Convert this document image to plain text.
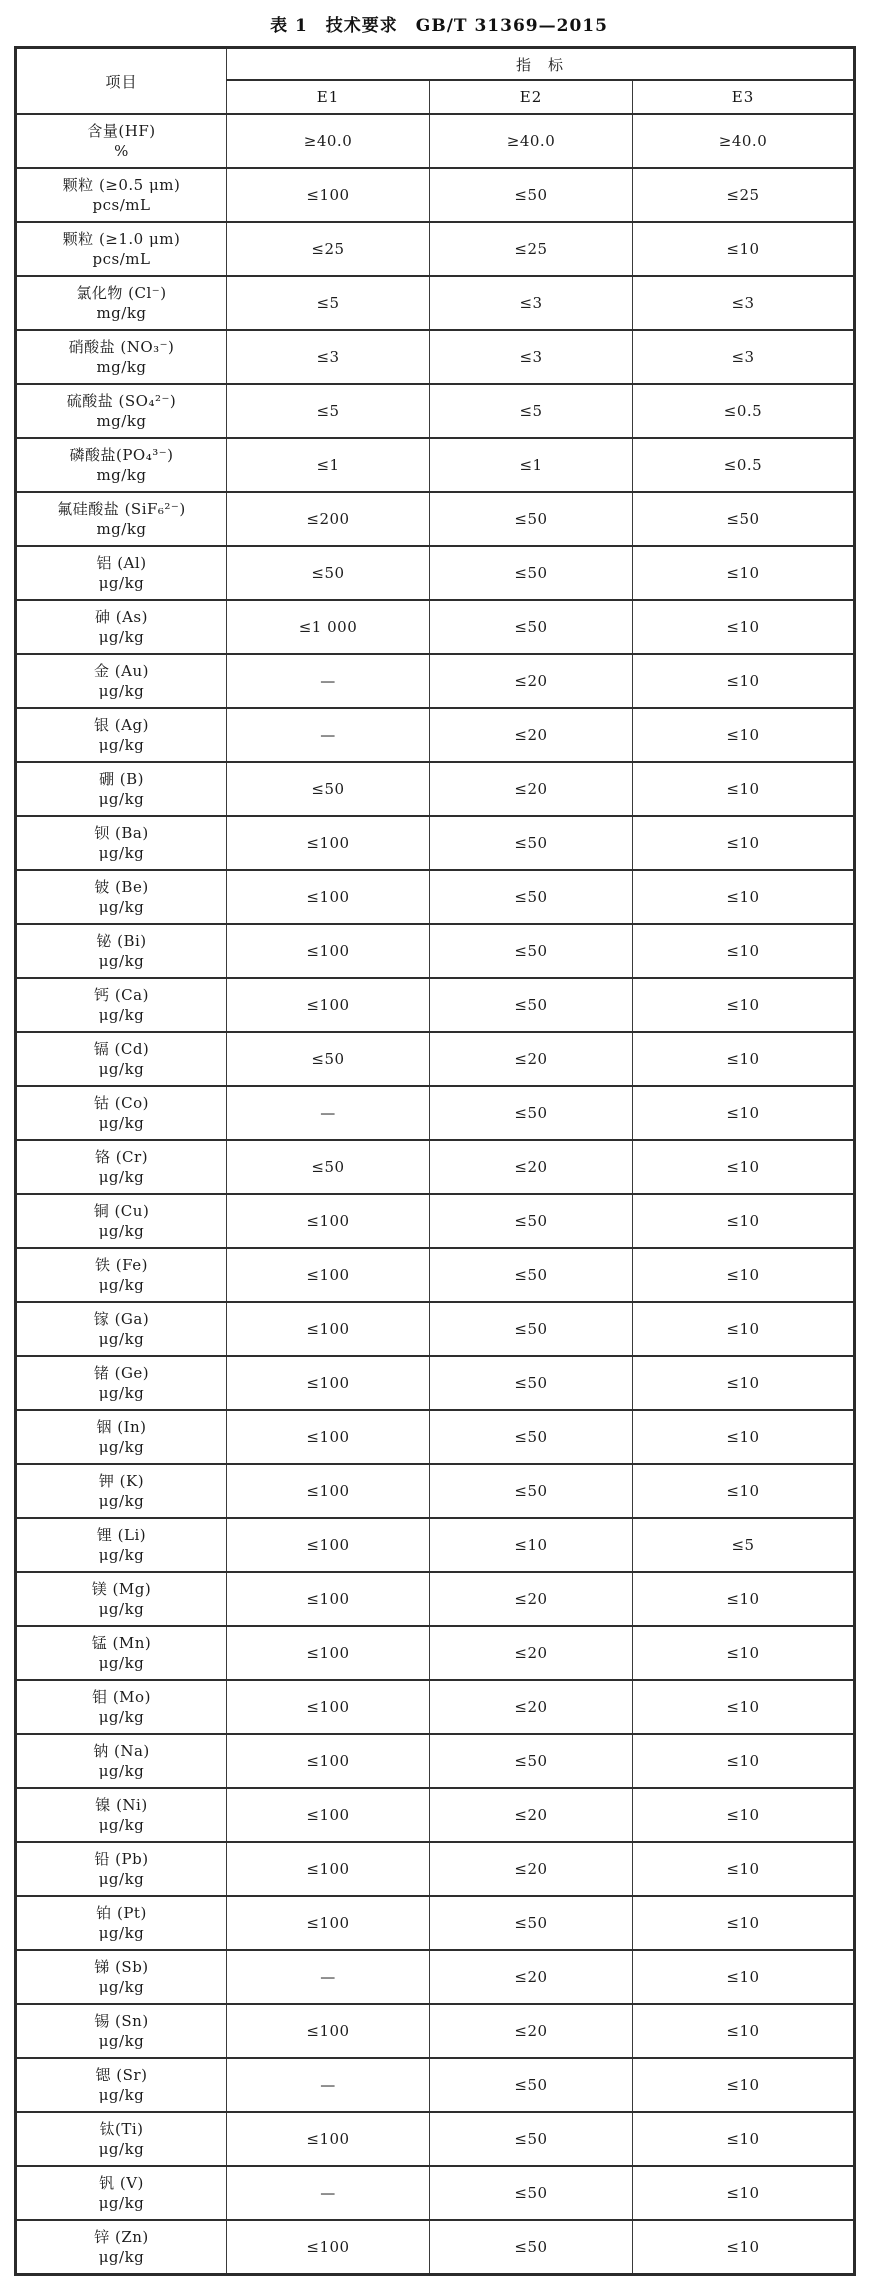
表 1　技术要求　GB/T 31369—2015
项目	指　标		
	E1	E2	E3

含量(HF)
%	≥40.0	≥40.0	≥40.0

颗粒 (≥0.5 μm)
pcs/mL	≤100	≤50	≤25

颗粒 (≥1.0 μm)
pcs/mL	≤25	≤25	≤10

氯化物 (Cl⁻)
mg/kg	≤5	≤3	≤3

硝酸盐 (NO₃⁻)
mg/kg	≤3	≤3	≤3

硫酸盐 (SO₄²⁻)
mg/kg	≤5	≤5	≤0.5

磷酸盐(PO₄³⁻)
mg/kg	≤1	≤1	≤0.5

氟硅酸盐 (SiF₆²⁻)
mg/kg	≤200	≤50	≤50

铝 (Al)
μg/kg	≤50	≤50	≤10

砷 (As)
μg/kg	≤1 000	≤50	≤10

金 (Au)
μg/kg	—	≤20	≤10

银 (Ag)
μg/kg	—	≤20	≤10

硼 (B)
μg/kg	≤50	≤20	≤10

钡 (Ba)
μg/kg	≤100	≤50	≤10

铍 (Be)
μg/kg	≤100	≤50	≤10

铋 (Bi)
μg/kg	≤100	≤50	≤10

钙 (Ca)
μg/kg	≤100	≤50	≤10

镉 (Cd)
μg/kg	≤50	≤20	≤10

钴 (Co)
μg/kg	—	≤50	≤10

铬 (Cr)
μg/kg	≤50	≤20	≤10

铜 (Cu)
μg/kg	≤100	≤50	≤10

铁 (Fe)
μg/kg	≤100	≤50	≤10

镓 (Ga)
μg/kg	≤100	≤50	≤10

锗 (Ge)
μg/kg	≤100	≤50	≤10

铟 (In)
μg/kg	≤100	≤50	≤10

钾 (K)
μg/kg	≤100	≤50	≤10

锂 (Li)
μg/kg	≤100	≤10	≤5

镁 (Mg)
μg/kg	≤100	≤20	≤10

锰 (Mn)
μg/kg	≤100	≤20	≤10

钼 (Mo)
μg/kg	≤100	≤20	≤10

钠 (Na)
μg/kg	≤100	≤50	≤10

镍 (Ni)
μg/kg	≤100	≤20	≤10

铅 (Pb)
μg/kg	≤100	≤20	≤10

铂 (Pt)
μg/kg	≤100	≤50	≤10

锑 (Sb)
μg/kg	—	≤20	≤10

锡 (Sn)
μg/kg	≤100	≤20	≤10

锶 (Sr)
μg/kg	—	≤50	≤10

钛(Ti)
μg/kg	≤100	≤50	≤10

钒 (V)
μg/kg	—	≤50	≤10

锌 (Zn)
μg/kg	≤100	≤50	≤10
